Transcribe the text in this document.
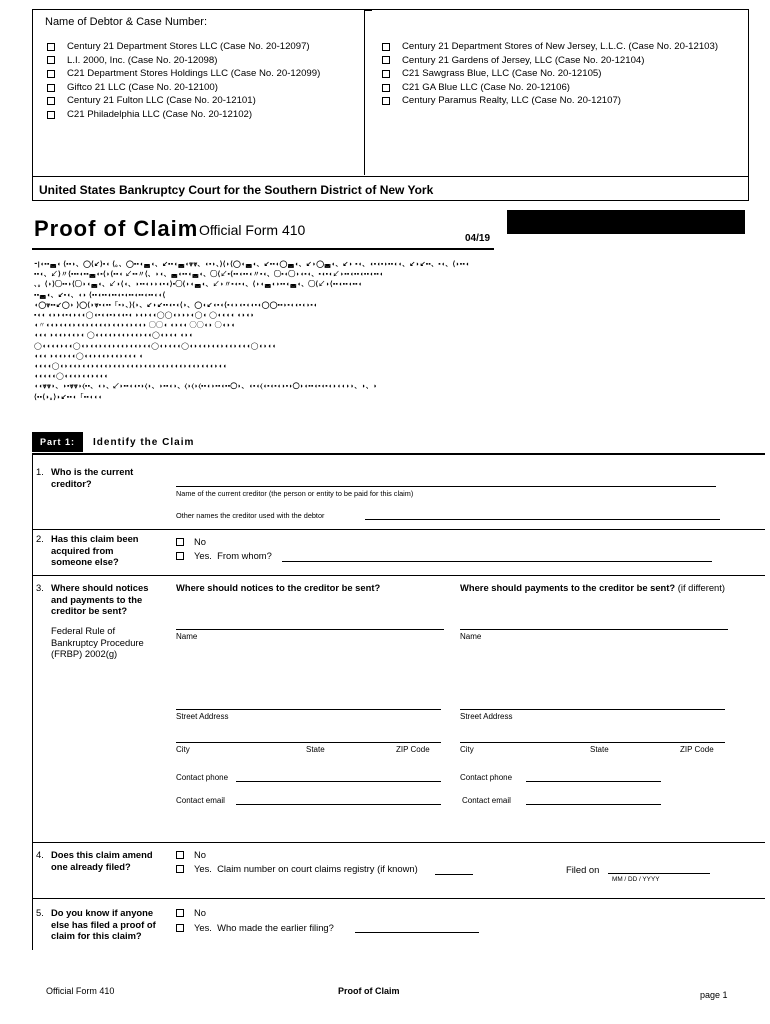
Name of Debtor & Case Number:
Century 21 Department Stores LLC (Case No. 20-12097)
L.I. 2000, Inc. (Case No. 20-12098)
C21 Department Stores Holdings LLC (Case No. 20-12099)
Giftco 21 LLC (Case No. 20-12100)
Century 21 Fulton LLC (Case No. 20-12101)
C21 Philadelphia LLC (Case No. 20-12102)
Century 21 Department Stores of New Jersey, L.L.C. (Case No. 20-12103)
Century 21 Gardens of Jersey, LLC (Case No. 20-12104)
C21 Sawgrass Blue, LLC (Case No. 20-12105)
C21 GA Blue LLC (Case No. 20-12106)
Century Paramus Realty, LLC (Case No. 20-12107)
United States Bankruptcy Court for the Southern District of New York
Proof of Claim Official Form 410
04/19

⁃|◖▪▪◛◖ ⟨▪▪◗、◯⟨↙⟩▪◖ ⟨。、◯▪▪◖◛◖、↙▪▪◖◛◖⩔⩔、◖▪◗、⟩⟨◗⟨◯◖◛◖、↙▪▪◖◯◛◖、↙◗◯◛◖、↙◗ ▪◖、◖▪◖▪◗▪▪◖◖、↙◗↙▪▪、▪◖、⟨◗▪▪◖

▪▪◖、↙⟩〃⟨▪▪▪◖▪▪◛◖▪⟨◗⟨▪▪◖ ↙▪▪〃⟨、◗◖、◛◖▪▪◖◛◖、◯⟨↙▪⟨▪▪◖▪▪◖〃▪◖、◯▪◖◯◗◖▪◖、▪◖▪◖↙◗▪▪◖▪▪◖▪▪◖▪▪◖

、。⟨◗⟩◯▪▪◗⟨◯◗◖◛◖、↙◗⟨◖、◗▪▪◖◗◗◖▪◖⟩▪◯⟨◗◖◛◖、↙◗〃▪◖▪◖、⟨◗◖◛◖◗▪▪◖◛◖、◯⟨↙◗⟨▪▪◖▪▪◖▪▪◖

▪▪◛◖、↙▪◖、◖◗ ⟨▪▪◖▪▪◖▪▪◖▪◖▪▪◖▪▪◖▪▪◖◖⟨

◖◯⩔▪▪↙◯◗ ⟩◯⟨◗⩔▪◖▪▪「▪◗、⟩⟨◗、↙◗↙▪▪◖▪◖⟨◗、◯◖↙◖▪◖⟨▪◖◗◖▪◖◖▪◖◯◯▪▪◗▪◖◖▪◖◗▪◖

▪◖◖ ◖◗◗◖▪◖◗◖◖◯◖▪◖◖▪◗◖◖▪◖ ◗◖◗◖◖◯◯◖◗◗◗◖◯◖ ◯◖◖◖◖ ◖◗◖◗

◖〃◖◖◗◖◖◖◗◖◖◗◖◖◖◖◗◖◖◗◖◗◖◖◗ ◯◯◖ ◖◗◖◖ ◯◯◖◗ ◯◖◗◖

◖◖◖ ◗◖◖◗◖◖◗◖ ◯◖◖◖◖◗◖◖◗◖◖◗◖◖◯◖◗◖◖ ◖◗◖

◯◖◖◖◖◗◖◖◯◖◗◖◖◗◖◖◗◖◖◗◖◖◗◖◖◯◖◗◖◖◖◯◖◗◖◖◗◖◖◗◖◖◗◖◖◖◯◖◗◖◖

◖◖◖ ◗◖◖◗◖◖◯◖◖◗◖◖◗◖◖◗◖◖◖ ◖

◖◖◖◖◯◖◗◖◖◗◖◖◗◖◖◖◗◖◖◗◖◖◖◗◖◖◗◖◖◗◖◖◖◗◖◖◗◖◖◖◗◖◖

◖◖◖◖◖◯◖◖◖◗◖◖◗◖◖◖

◖◖⩔⩔◗、◗▪⩔⩔◗⟨▪▪、◖◗、↙◗▪▪◖◖▪◗⟨◗、◗▪▪◖◗、⟨◗⟨◗⟨▪▪◖◗▪▪◖▪▪◯◗、◖▪◖⟨◖▪◖▪◖◗▪◗◯◗◖▪▪◖▪◖▪◖◗◖◖◗◗、◗、◗

⟨▪▪⟨◗。⟩◗↙▪▪◖「▪▪◖◖◖

Part 1:	Identify the Claim
1. Who is the current creditor?
Name of the current creditor (the person or entity to be paid for this claim)
Other names the creditor used with the debtor
2. Has this claim been acquired from someone else?
No
Yes.
From whom?
3. Where should notices and payments to the creditor be sent?
Federal Rule of Bankruptcy Procedure (FRBP) 2002(g)
Where should notices to the creditor be sent?	Where should payments to the creditor be sent? (if different)
Name	Name
Street Address	Street Address
City	State	ZIP Code	City	State	ZIP Code
Contact phone	Contact phone
Contact email	Contact email
4. Does this claim amend one already filed?
No
Yes.
Claim number on court claims registry (if known)	Filed on
MM / DD / YYYY
5. Do you know if anyone else has filed a proof of claim for this claim?
No
Yes.
Who made the earlier filing?
Official Form 410	Proof of Claim	page 1
